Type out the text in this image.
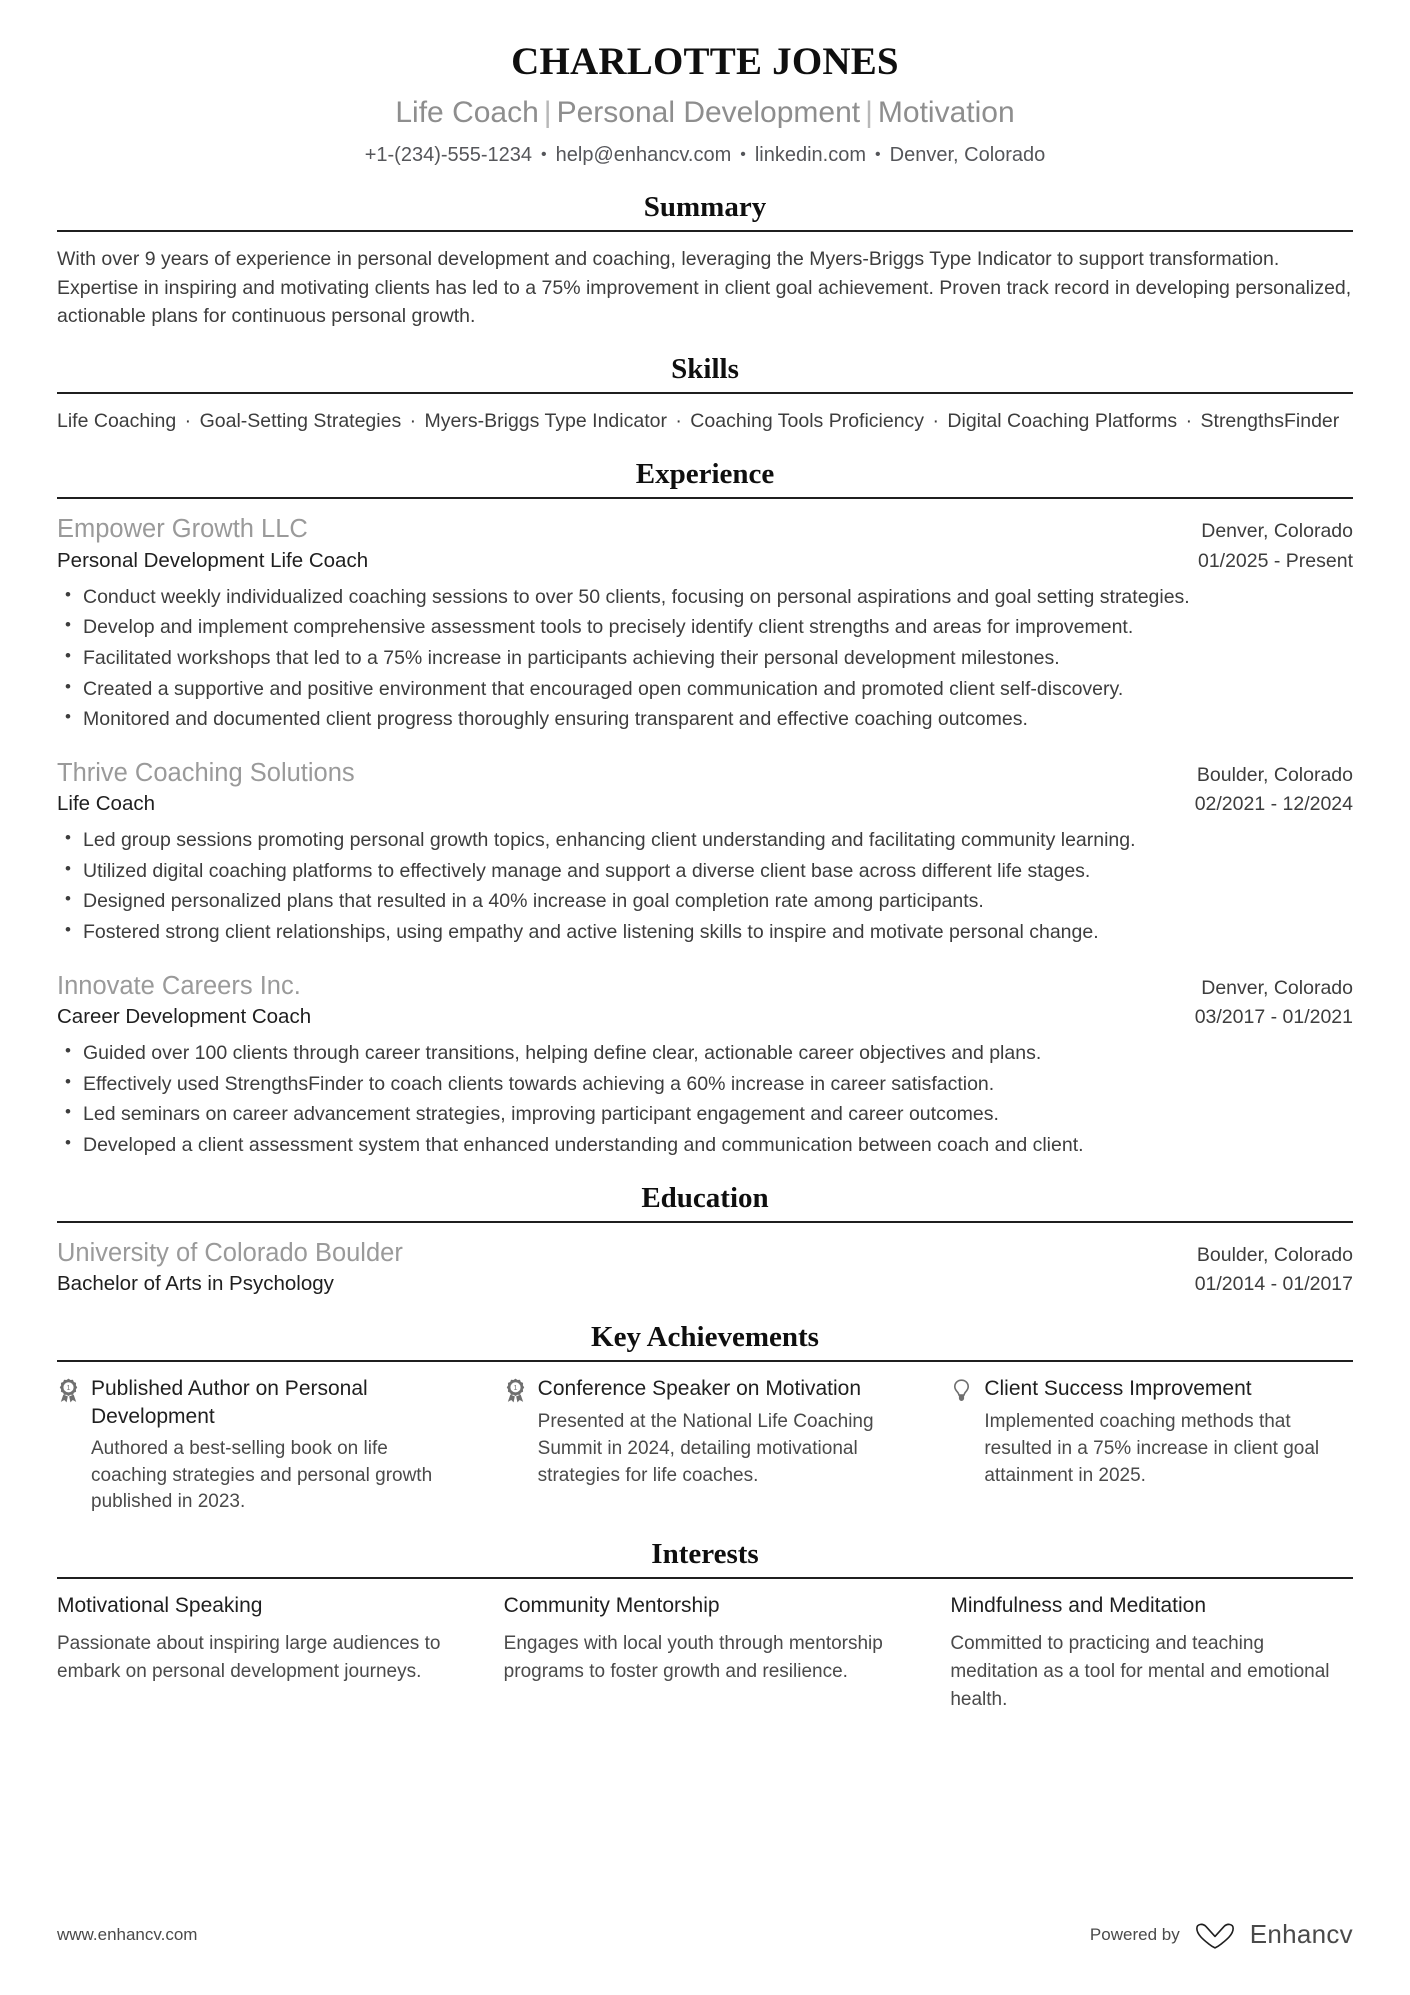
CHARLOTTE JONES
Life Coach | Personal Development | Motivation
+1-(234)-555-1234 • help@enhancv.com • linkedin.com • Denver, Colorado
Summary

With over 9 years of experience in personal development and coaching, leveraging the Myers-Briggs Type Indicator to support transformation. Expertise in inspiring and motivating clients has led to a 75% improvement in client goal achievement. Proven track record in developing personalized, actionable plans for continuous personal growth.

Skills

Life Coaching · Goal-Setting Strategies · Myers-Briggs Type Indicator · Coaching Tools Proficiency · Digital Coaching Platforms · StrengthsFinder

Experience
Empower Growth LLC	Denver, Colorado
Personal Development Life Coach	01/2025 - Present
• Conduct weekly individualized coaching sessions to over 50 clients, focusing on personal aspirations and goal setting strategies.
• Develop and implement comprehensive assessment tools to precisely identify client strengths and areas for improvement.
• Facilitated workshops that led to a 75% increase in participants achieving their personal development milestones.
• Created a supportive and positive environment that encouraged open communication and promoted client self-discovery.
• Monitored and documented client progress thoroughly ensuring transparent and effective coaching outcomes.
Thrive Coaching Solutions	Boulder, Colorado
Life Coach	02/2021 - 12/2024
• Led group sessions promoting personal growth topics, enhancing client understanding and facilitating community learning.
• Utilized digital coaching platforms to effectively manage and support a diverse client base across different life stages.
• Designed personalized plans that resulted in a 40% increase in goal completion rate among participants.
• Fostered strong client relationships, using empathy and active listening skills to inspire and motivate personal change.
Innovate Careers Inc.	Denver, Colorado
Career Development Coach	03/2017 - 01/2021
• Guided over 100 clients through career transitions, helping define clear, actionable career objectives and plans.
• Effectively used StrengthsFinder to coach clients towards achieving a 60% increase in career satisfaction.
• Led seminars on career advancement strategies, improving participant engagement and career outcomes.
• Developed a client assessment system that enhanced understanding and communication between coach and client.
Education
University of Colorado Boulder	Boulder, Colorado
Bachelor of Arts in Psychology	01/2014 - 01/2017
Key Achievements
1 Published Author on Personal Development
Authored a best-selling book on life coaching strategies and personal growth published in 2023.
1 Conference Speaker on Motivation
Presented at the National Life Coaching Summit in 2024, detailing motivational strategies for life coaches.
Client Success Improvement
Implemented coaching methods that resulted in a 75% increase in client goal attainment in 2025.
Interests
Motivational Speaking
Passionate about inspiring large audiences to embark on personal development journeys.
Community Mentorship
Engages with local youth through mentorship programs to foster growth and resilience.
Mindfulness and Meditation
Committed to practicing and teaching meditation as a tool for mental and emotional health.
www.enhancv.com	Powered by	Enhancv
